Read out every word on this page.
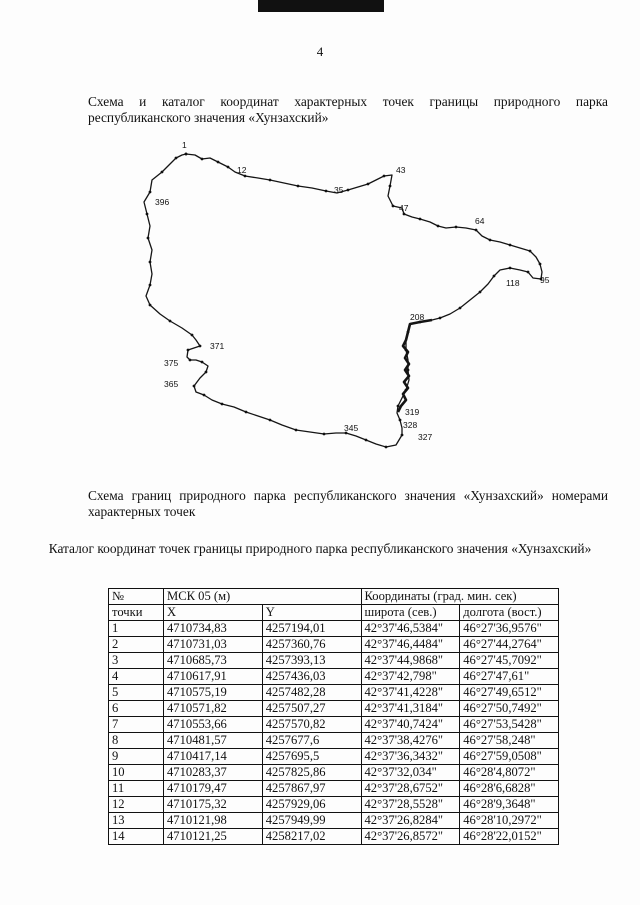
4
Схема и каталог координат характерных точек границы природного парка республиканского значения «Хунзахский»
1
12
35
43
47
64
95
118
208
319
328
327
345
365
375
371
396
Схема границ природного парка республиканского значения «Хунзахский» номерами характерных точек
Каталог координат точек границы природного парка республиканского значения «Хунзахский»
№	МСК 05 (м)		Координаты (град. мин. сек)	
точки	X	Y	широта (сев.)	долгота (вост.)
1	4710734,83	4257194,01	42°37'46,5384"	46°27'36,9576"
2	4710731,03	4257360,76	42°37'46,4484"	46°27'44,2764"
3	4710685,73	4257393,13	42°37'44,9868"	46°27'45,7092"
4	4710617,91	4257436,03	42°37'42,798"	46°27'47,61"
5	4710575,19	4257482,28	42°37'41,4228"	46°27'49,6512"
6	4710571,82	4257507,27	42°37'41,3184"	46°27'50,7492"
7	4710553,66	4257570,82	42°37'40,7424"	46°27'53,5428"
8	4710481,57	4257677,6	42°37'38,4276"	46°27'58,248"
9	4710417,14	4257695,5	42°37'36,3432"	46°27'59,0508"
10	4710283,37	4257825,86	42°37'32,034"	46°28'4,8072"
11	4710179,47	4257867,97	42°37'28,6752"	46°28'6,6828"
12	4710175,32	4257929,06	42°37'28,5528"	46°28'9,3648"
13	4710121,98	4257949,99	42°37'26,8284"	46°28'10,2972"
14	4710121,25	4258217,02	42°37'26,8572"	46°28'22,0152"
